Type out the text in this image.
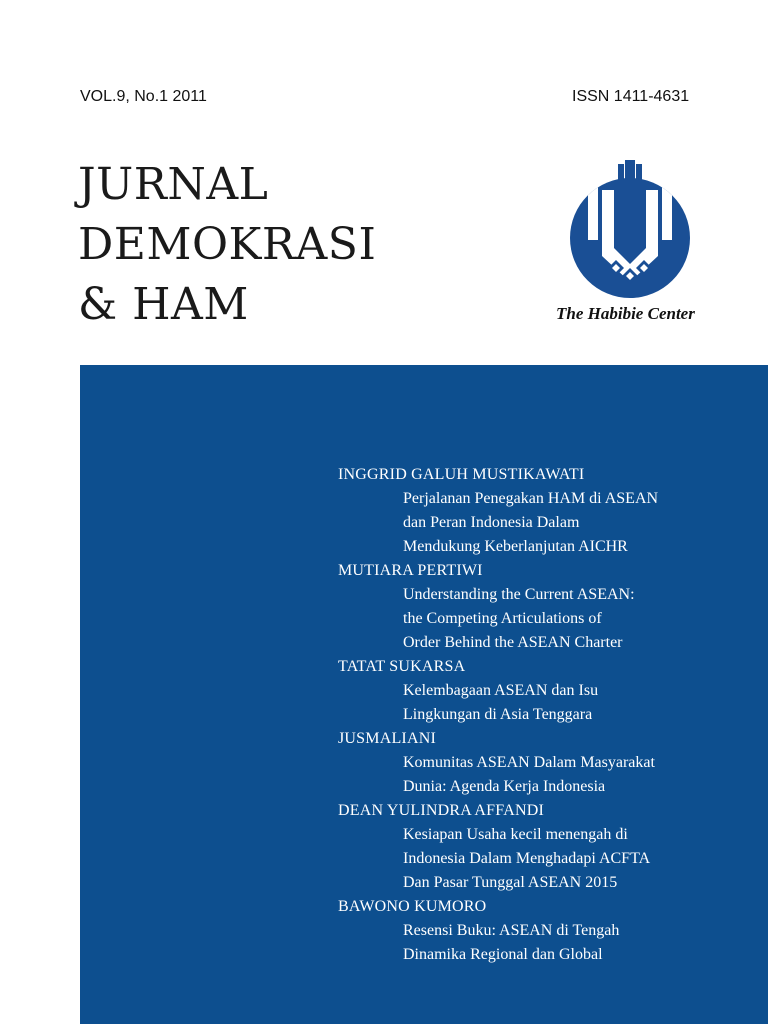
VOL.9, No.1 2011	ISSN 1411-4631
JURNAL
DEMOKRASI
& HAM	The Habibie Center
INGGRID GALUH MUSTIKAWATI
Perjalanan Penegakan HAM di ASEAN
dan Peran Indonesia Dalam
Mendukung Keberlanjutan AICHR
MUTIARA PERTIWI
Understanding the Current ASEAN:
the Competing Articulations of
Order Behind the ASEAN Charter
TATAT SUKARSA
Kelembagaan ASEAN dan Isu
Lingkungan di Asia Tenggara
JUSMALIANI
Komunitas ASEAN Dalam Masyarakat
Dunia: Agenda Kerja Indonesia
DEAN YULINDRA AFFANDI
Kesiapan Usaha kecil menengah di
Indonesia Dalam Menghadapi ACFTA
Dan Pasar Tunggal ASEAN 2015
BAWONO KUMORO
Resensi Buku: ASEAN di Tengah
Dinamika Regional dan Global
